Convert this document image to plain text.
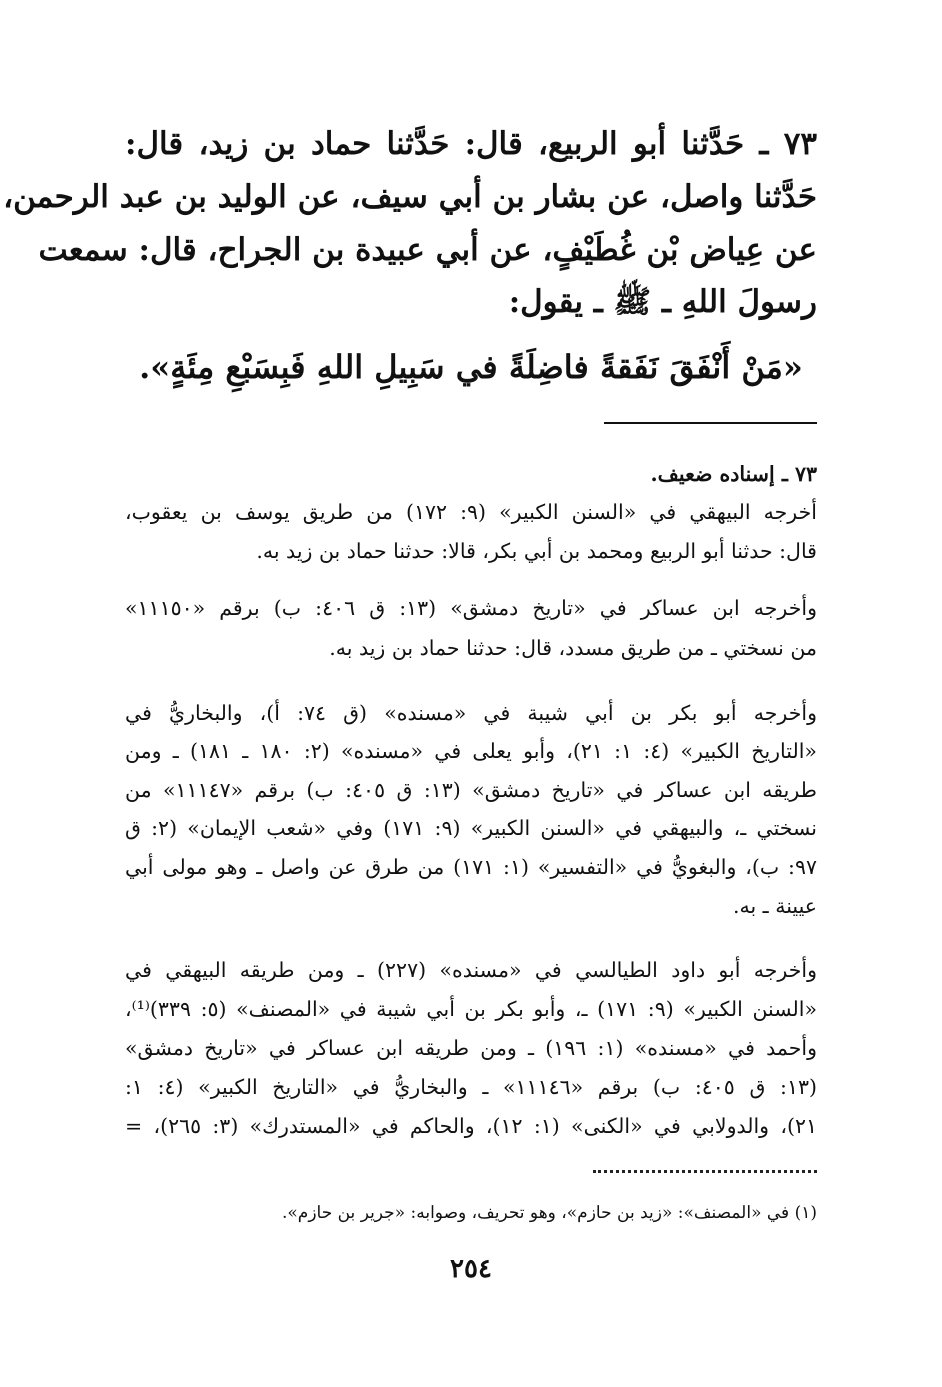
٧٣ ـ حَدَّثنا أبو الربيع، قال: حَدَّثنا حماد بن زيد، قال:
حَدَّثنا واصل، عن بشار بن أبي سيف، عن الوليد بن عبد الرحمن،
عن عِياض بْن غُطَيْفٍ، عن أبي عبيدة بن الجراح، قال: سمعت
رسولَ اللهِ ـ ﷺ ـ يقول:
«مَنْ أَنْفَقَ نَفَقةً فاضِلَةً في سَبِيلِ اللهِ فَبِسَبْعِ مِئَةٍ».
٧٣ ـ إسناده ضعيف.
أخرجه البيهقي في «السنن الكبير» (٩: ١٧٢) من طريق يوسف بن يعقوب،
قال: حدثنا أبو الربيع ومحمد بن أبي بكر، قالا: حدثنا حماد بن زيد به.
وأخرجه ابن عساكر في «تاريخ دمشق» (١٣: ق ٤٠٦: ب) برقم «١١١٥٠»
من نسختي ـ من طريق مسدد، قال: حدثنا حماد بن زيد به.
وأخرجه أبو بكر بن أبي شيبة في «مسنده» (ق ٧٤: أ)، والبخاريُّ في
«التاريخ الكبير» (٤: ١: ٢١)، وأبو يعلى في «مسنده» (٢: ١٨٠ ـ ١٨١) ـ ومن
طريقه ابن عساكر في «تاريخ دمشق» (١٣: ق ٤٠٥: ب) برقم «١١١٤٧» من
نسختي ـ، والبيهقي في «السنن الكبير» (٩: ١٧١) وفي «شعب الإيمان» (٢: ق
٩٧: ب)، والبغويُّ في «التفسير» (١: ١٧١) من طرق عن واصل ـ وهو مولى أبي
عيينة ـ به.
وأخرجه أبو داود الطيالسي في «مسنده» (٢٢٧) ـ ومن طريقه البيهقي في
«السنن الكبير» (٩: ١٧١) ـ، وأبو بكر بن أبي شيبة في «المصنف» (٥: ٣٣٩)⁽¹⁾،
وأحمد في «مسنده» (١: ١٩٦) ـ ومن طريقه ابن عساكر في «تاريخ دمشق»
(١٣: ق ٤٠٥: ب) برقم «١١١٤٦» ـ والبخاريُّ في «التاريخ الكبير» (٤: ١:
٢١)، والدولابي في «الكنى» (١: ١٢)، والحاكم في «المستدرك» (٣: ٢٦٥)، =
(١) في «المصنف»: «زيد بن حازم»، وهو تحريف، وصوابه: «جرير بن حازم».
٢٥٤
